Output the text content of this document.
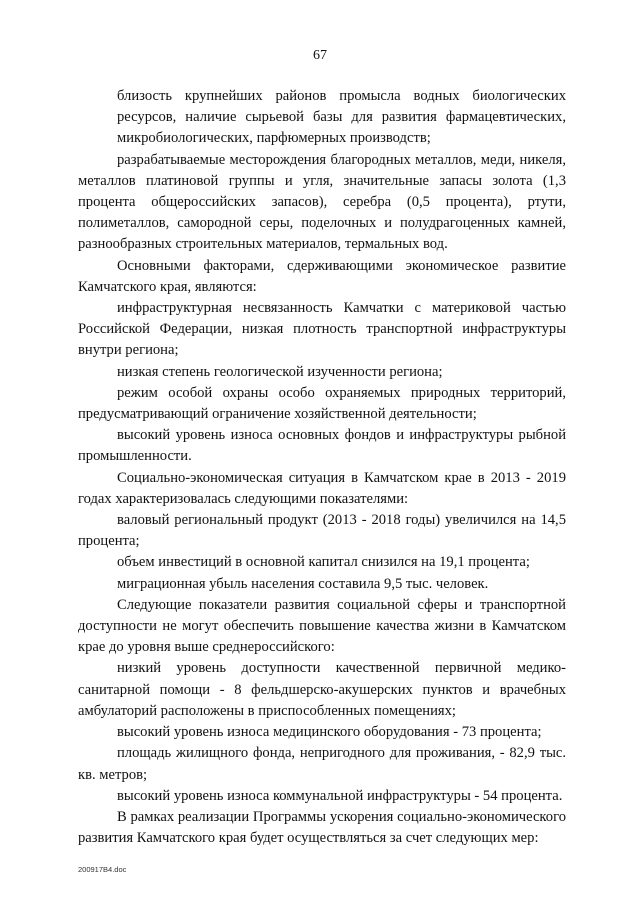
67

близость крупнейших районов промысла водных биологических ресурсов, наличие сырьевой базы для развития фармацевтических, микробиологических, парфюмерных производств;

разрабатываемые месторождения благородных металлов, меди, никеля, металлов платиновой группы и угля, значительные запасы золота (1,3 процента общероссийских запасов), серебра (0,5 процента), ртути, полиметаллов, самородной серы, поделочных и полудрагоценных камней, разнообразных строительных материалов, термальных вод.

Основными факторами, сдерживающими экономическое развитие Камчатского края, являются:

инфраструктурная несвязанность Камчатки с материковой частью Российской Федерации, низкая плотность транспортной инфраструктуры внутри региона;

низкая степень геологической изученности региона;

режим особой охраны особо охраняемых природных территорий, предусматривающий ограничение хозяйственной деятельности;

высокий уровень износа основных фондов и инфраструктуры рыбной промышленности.

Социально-экономическая ситуация в Камчатском крае в 2013 - 2019 годах характеризовалась следующими показателями:

валовый региональный продукт (2013 - 2018 годы) увеличился на 14,5 процента;

объем инвестиций в основной капитал снизился на 19,1 процента;

миграционная убыль населения составила 9,5 тыс. человек.

Следующие показатели развития социальной сферы и транспортной доступности не могут обеспечить повышение качества жизни в Камчатском крае до уровня выше среднероссийского:

низкий уровень доступности качественной первичной медико-санитарной помощи - 8 фельдшерско-акушерских пунктов и врачебных амбулаторий расположены в приспособленных помещениях;

высокий уровень износа медицинского оборудования - 73 процента;

площадь жилищного фонда, непригодного для проживания, - 82,9 тыс. кв. метров;

высокий уровень износа коммунальной инфраструктуры - 54 процента.

В рамках реализации Программы ускорения социально-экономического развития Камчатского края будет осуществляться за счет следующих мер:

200917B4.doc
